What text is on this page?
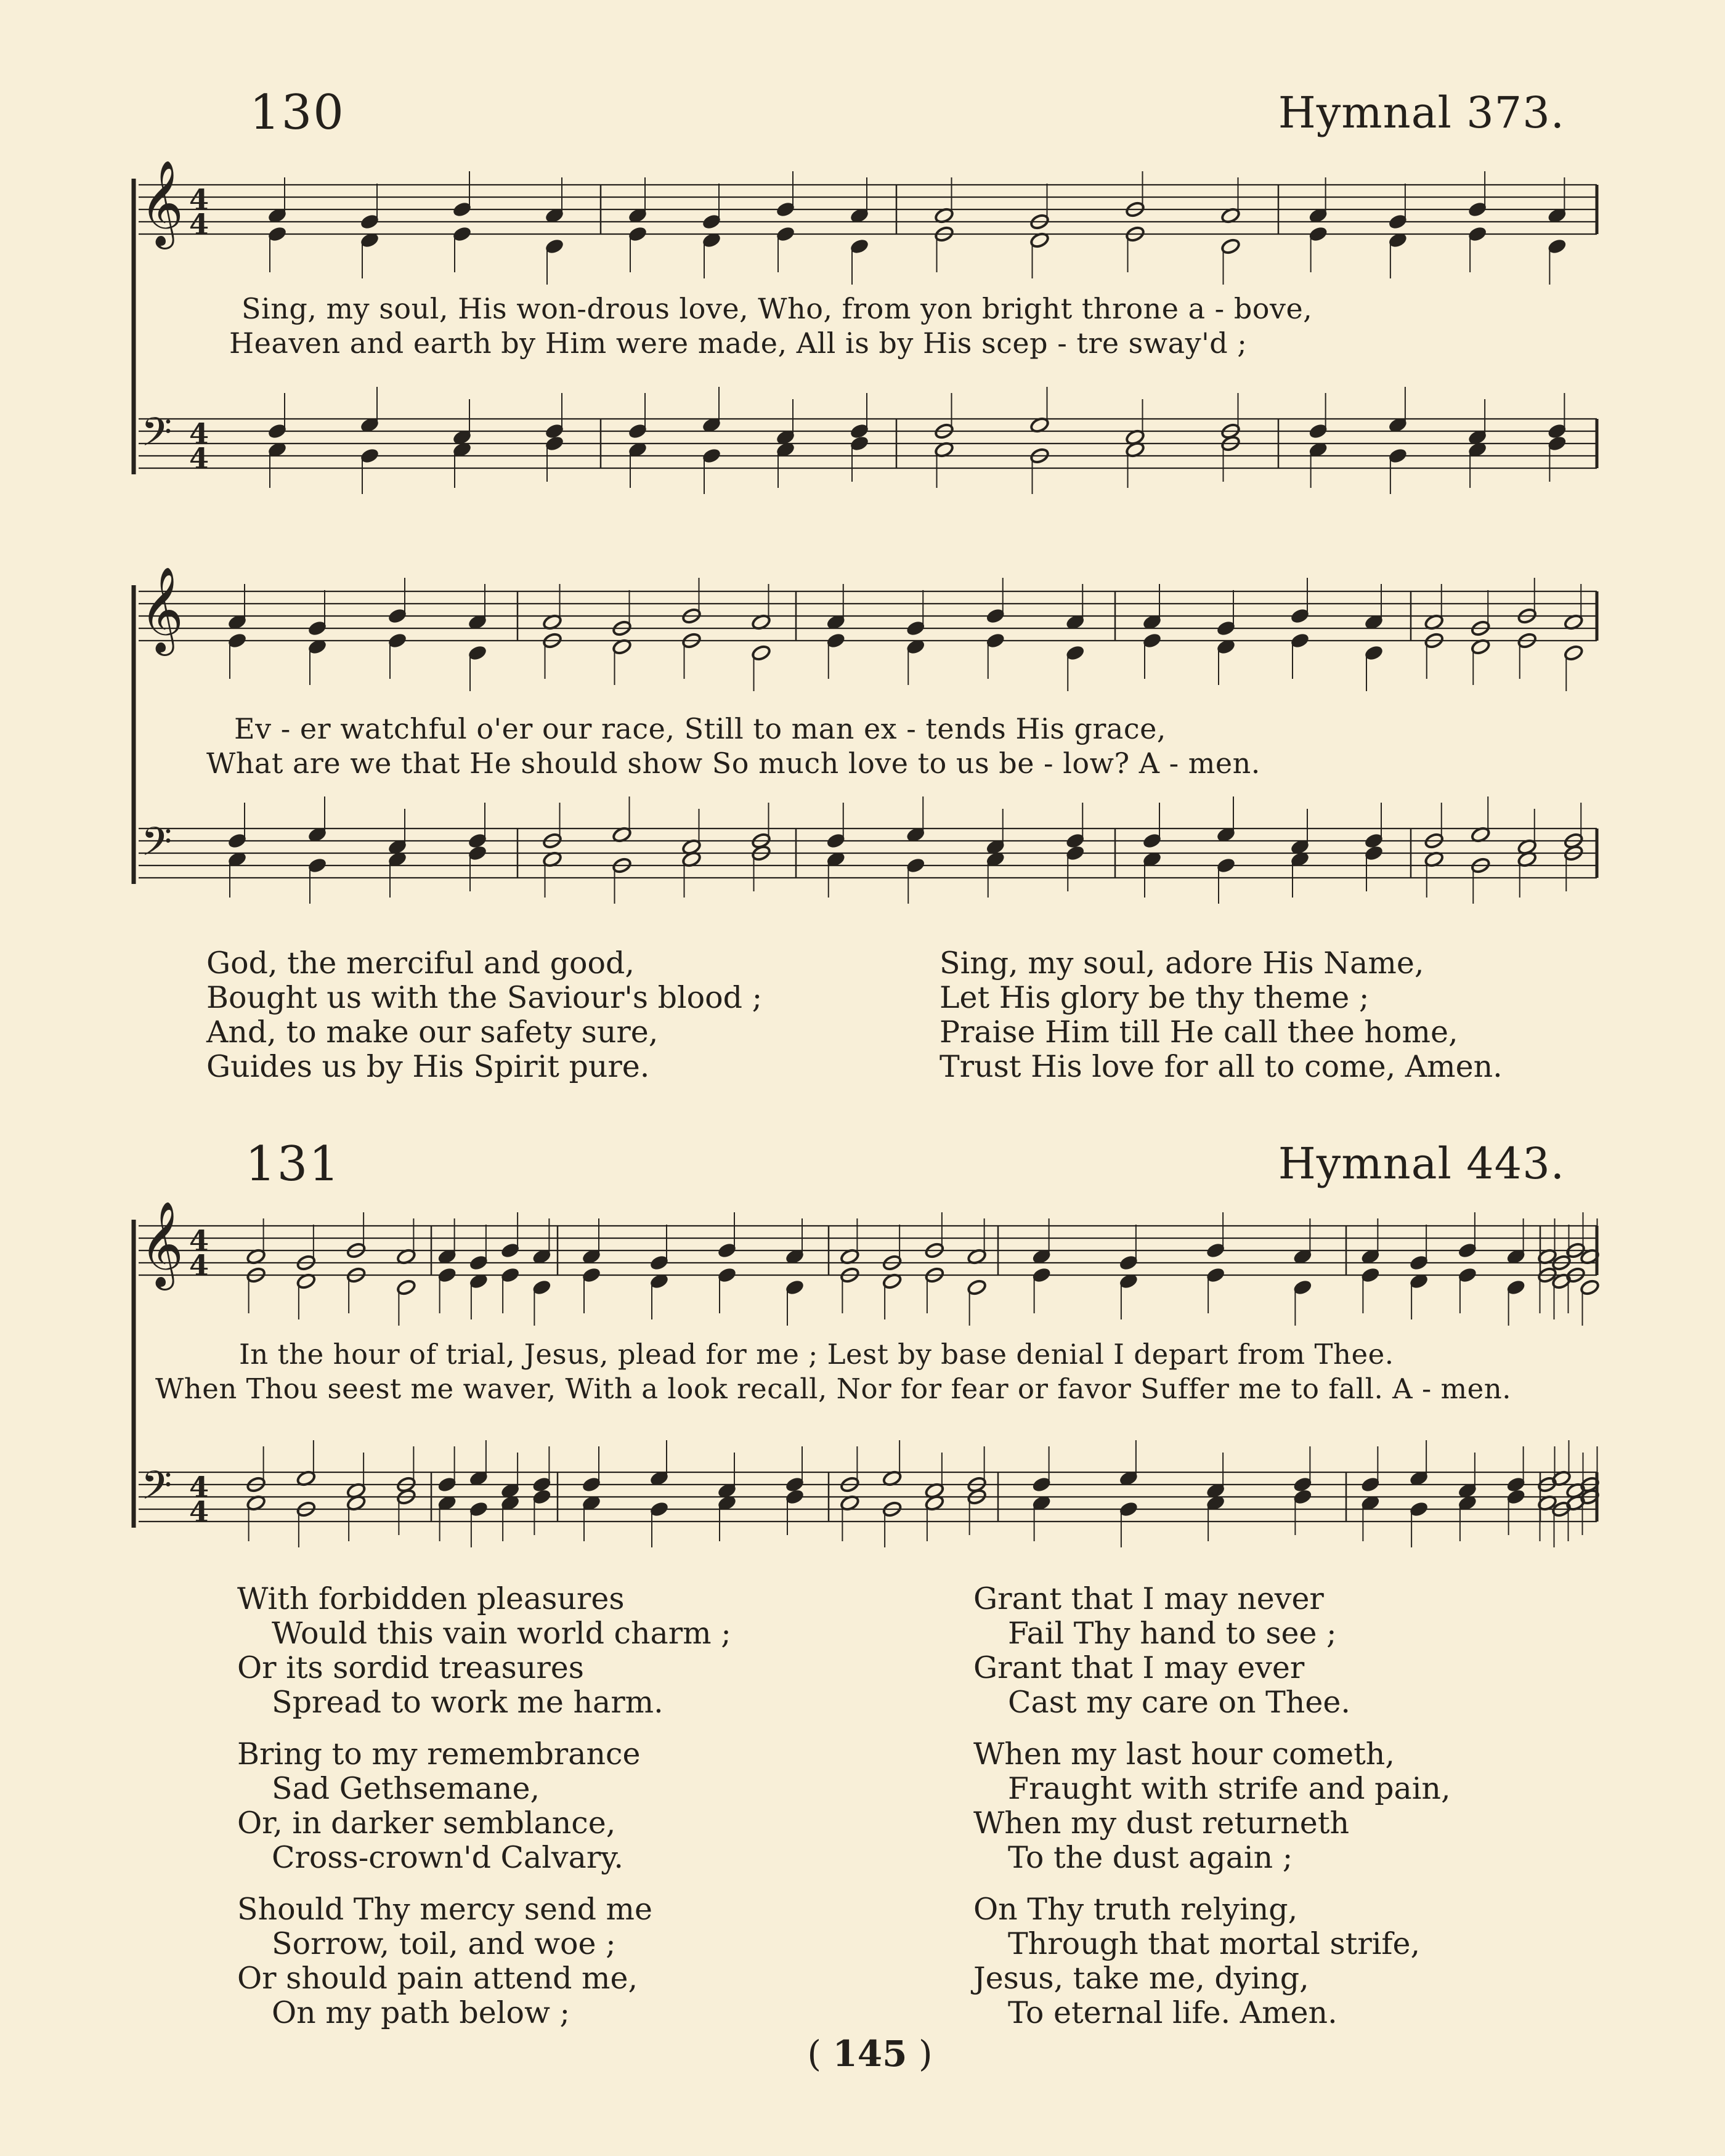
𝄞
𝄢
4
4
4
4
𝄞
𝄢
𝄞
𝄢
4
4
4
4
130	Hymnal 373.
Sing, my soul, His won-drous love, Who, from yon bright throne a - bove,
Heaven and earth by Him were made, All is by His scep - tre sway'd ;
Ev - er watchful o'er our race, Still to man ex - tends His grace,
What are we that He should show So much love to us be - low? A - men.
God, the merciful and good,
Bought us with the Saviour's blood ;
And, to make our safety sure,
Guides us by His Spirit pure.
Sing, my soul, adore His Name,
Let His glory be thy theme ;
Praise Him till He call thee home,
Trust His love for all to come, Amen.
131	Hymnal 443.
In the hour of trial, Jesus, plead for me ; Lest by base denial I depart from Thee.
When Thou seest me waver, With a look recall, Nor for fear or favor Suffer me to fall. A - men.
With forbidden pleasures
Would this vain world charm ;
Or its sordid treasures
Spread to work me harm.
Bring to my remembrance
Sad Gethsemane,
Or, in darker semblance,
Cross-crown'd Calvary.
Should Thy mercy send me
Sorrow, toil, and woe ;
Or should pain attend me,
On my path below ;
Grant that I may never
Fail Thy hand to see ;
Grant that I may ever
Cast my care on Thee.
When my last hour cometh,
Fraught with strife and pain,
When my dust returneth
To the dust again ;
On Thy truth relying,
Through that mortal strife,
Jesus, take me, dying,
To eternal life. Amen.
( 145 )
